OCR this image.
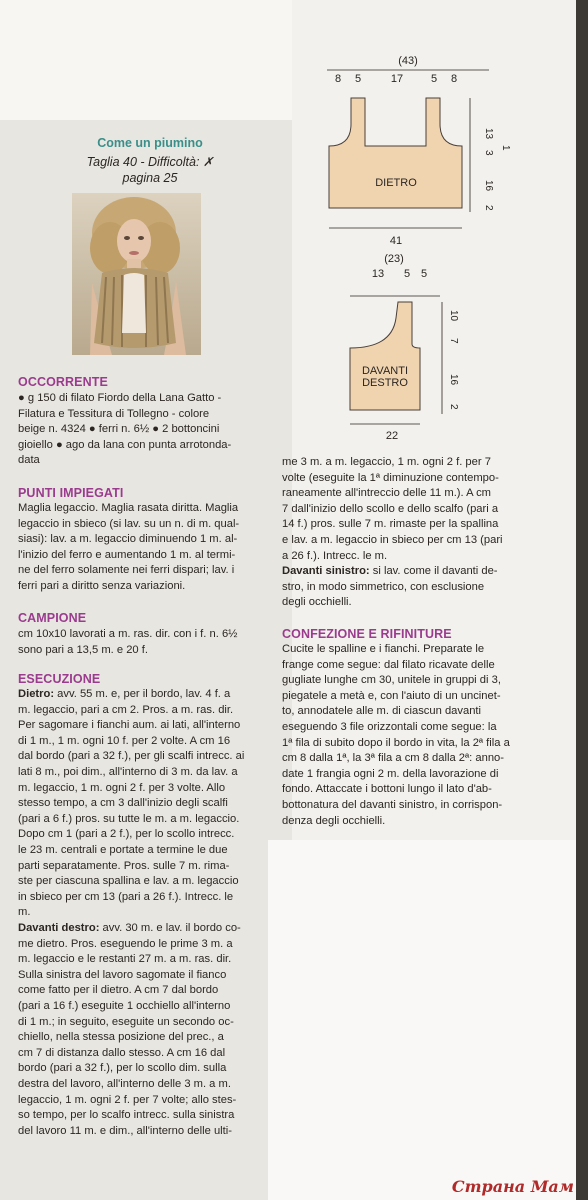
Come un piumino
Taglia 40 - Difficoltà: ✗
pagina 25
(43)
8 5	17	5 8
DIETRO
13
1
3
16
2
41
(23)
13 5 5
DAVANTI
DESTRO
10
7
16
2
22
OCCORRENTE
● g 150 di filato Fiordo della Lana Gatto -
Filatura e Tessitura di Tollegno - colore
beige n. 4324 ● ferri n. 6½ ● 2 bottoncini
gioiello ● ago da lana con punta arrotonda-
data
PUNTI IMPIEGATI
Maglia legaccio. Maglia rasata diritta. Maglia
legaccio in sbieco (si lav. su un n. di m. qual-
siasi): lav. a m. legaccio diminuendo 1 m. al-
l'inizio del ferro e aumentando 1 m. al termi-
ne del ferro solamente nei ferri dispari; lav. i
ferri pari a diritto senza variazioni.
CAMPIONE
cm 10x10 lavorati a m. ras. dir. con i f. n. 6½
sono pari a 13,5 m. e 20 f.
ESECUZIONE
Dietro: avv. 55 m. e, per il bordo, lav. 4 f. a
m. legaccio, pari a cm 2. Pros. a m. ras. dir.
Per sagomare i fianchi aum. ai lati, all'interno
di 1 m., 1 m. ogni 10 f. per 2 volte. A cm 16
dal bordo (pari a 32 f.), per gli scalfi intrecc. ai
lati 8 m., poi dim., all'interno di 3 m. da lav. a
m. legaccio, 1 m. ogni 2 f. per 3 volte. Allo
stesso tempo, a cm 3 dall'inizio degli scalfi
(pari a 6 f.) pros. su tutte le m. a m. legaccio.
Dopo cm 1 (pari a 2 f.), per lo scollo intrecc.
le 23 m. centrali e portate a termine le due
parti separatamente. Pros. sulle 7 m. rima-
ste per ciascuna spallina e lav. a m. legaccio
in sbieco per cm 13 (pari a 26 f.). Intrecc. le
m.
Davanti destro: avv. 30 m. e lav. il bordo co-
me dietro. Pros. eseguendo le prime 3 m. a
m. legaccio e le restanti 27 m. a m. ras. dir.
Sulla sinistra del lavoro sagomate il fianco
come fatto per il dietro. A cm 7 dal bordo
(pari a 16 f.) eseguite 1 occhiello all'interno
di 1 m.; in seguito, eseguite un secondo oc-
chiello, nella stessa posizione del prec., a
cm 7 di distanza dallo stesso. A cm 16 dal
bordo (pari a 32 f.), per lo scollo dim. sulla
destra del lavoro, all'interno delle 3 m. a m.
legaccio, 1 m. ogni 2 f. per 7 volte; allo stes-
so tempo, per lo scalfo intrecc. sulla sinistra
del lavoro 11 m. e dim., all'interno delle ulti-
me 3 m. a m. legaccio, 1 m. ogni 2 f. per 7
volte (eseguite la 1ª diminuzione contempo-
raneamente all'intreccio delle 11 m.). A cm
7 dall'inizio dello scollo e dello scalfo (pari a
14 f.) pros. sulle 7 m. rimaste per la spallina
e lav. a m. legaccio in sbieco per cm 13 (pari
a 26 f.). Intrecc. le m.
Davanti sinistro: si lav. come il davanti de-
stro, in modo simmetrico, con esclusione
degli occhielli.
CONFEZIONE E RIFINITURE
Cucite le spalline e i fianchi. Preparate le
frange come segue: dal filato ricavate delle
gugliate lunghe cm 30, unitele in gruppi di 3,
piegatele a metà e, con l'aiuto di un uncinet-
to, annodatele alle m. di ciascun davanti
eseguendo 3 file orizzontali come segue: la
1ª fila di subito dopo il bordo in vita, la 2ª fila a
cm 8 dalla 1ª, la 3ª fila a cm 8 dalla 2ª: anno-
date 1 frangia ogni 2 m. della lavorazione di
fondo. Attaccate i bottoni lungo il lato d'ab-
bottonatura del davanti sinistro, in corrispon-
denza degli occhielli.
Страна Мам
